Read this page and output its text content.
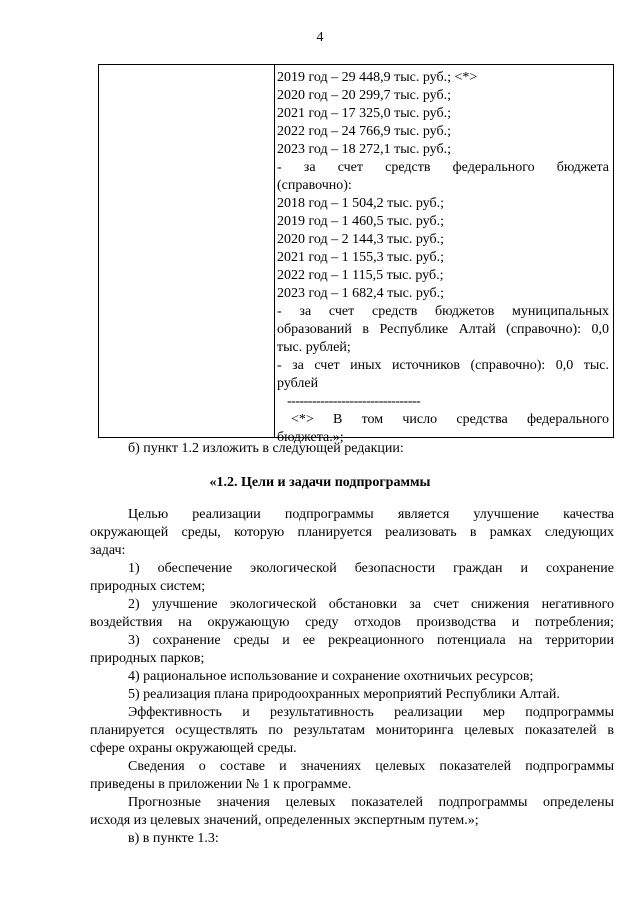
4
2019 год – 29 448,9 тыс. руб.; <*>
2020 год – 20 299,7 тыс. руб.;
2021 год – 17 325,0 тыс. руб.;
2022 год – 24 766,9 тыс. руб.;
2023 год – 18 272,1 тыс. руб.;
- за счет средств федерального бюджета
(справочно):
2018 год – 1 504,2 тыс. руб.;
2019 год – 1 460,5 тыс. руб.;
2020 год – 2 144,3 тыс. руб.;
2021 год – 1 155,3 тыс. руб.;
2022 год – 1 115,5 тыс. руб.;
2023 год – 1 682,4 тыс. руб.;
- за счет средств бюджетов муниципальных
образований в Республике Алтай (справочно): 0,0
тыс. рублей;
- за счет иных источников (справочно): 0,0 тыс.
рублей
--------------------------------
<*> В том число средства федерального
бюджета.»;
б) пункт 1.2 изложить в следующей редакции:
«1.2. Цели и задачи подпрограммы
Целью реализации подпрограммы является улучшение качества
окружающей среды, которую планируется реализовать в рамках следующих
задач:
1) обеспечение экологической безопасности граждан и сохранение
природных систем;
2) улучшение экологической обстановки за счет снижения негативного
воздействия на окружающую среду отходов производства и потребления;
3) сохранение среды и ее рекреационного потенциала на территории
природных парков;
4) рациональное использование и сохранение охотничьих ресурсов;
5) реализация плана природоохранных мероприятий Республики Алтай.
Эффективность и результативность реализации мер подпрограммы
планируется осуществлять по результатам мониторинга целевых показателей в
сфере охраны окружающей среды.
Сведения о составе и значениях целевых показателей подпрограммы
приведены в приложении № 1 к программе.
Прогнозные значения целевых показателей подпрограммы определены
исходя из целевых значений, определенных экспертным путем.»;
в) в пункте 1.3:
